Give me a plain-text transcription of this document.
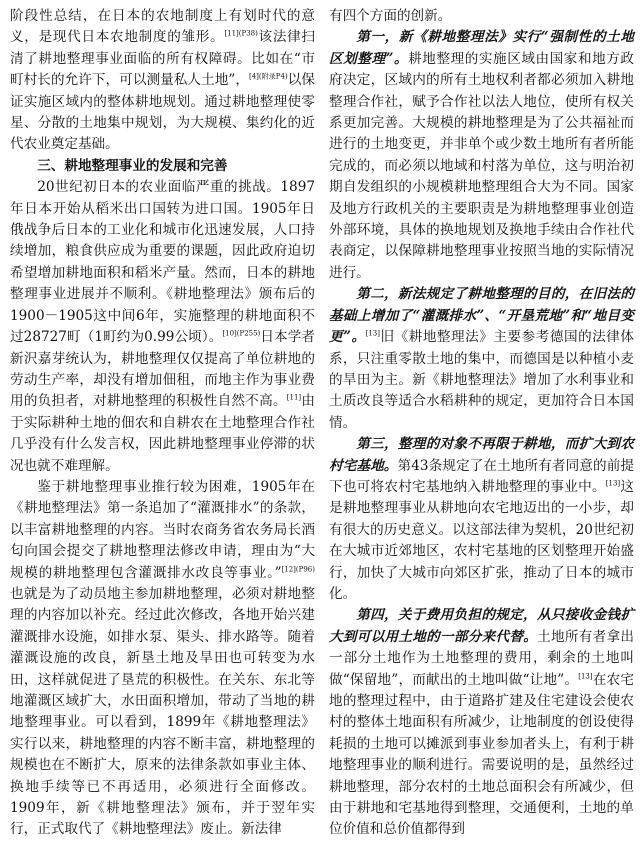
阶段性总结，在日本的农地制度上有划时代的意义，是现代日本农地制度的雏形。$^{[11](P38)}$该法律扫清了耕地整理事业面临的所有权障碍。比如在“市町村长的允许下，可以测量私人土地”，$^{[4](附录P4)}$以保证实施区域内的整体耕地规划。通过耕地整理使零星、分散的土地集中规划，为大规模、集约化的近代农业奠定基础。

三、耕地整理事业的发展和完善

20世纪初日本的农业面临严重的挑战。1897年日本开始从稻米出口国转为进口国。1905年日俄战争后日本的工业化和城市化迅速发展，人口持续增加，粮食供应成为重要的课题，因此政府迫切希望增加耕地面积和稻米产量。然而，日本的耕地整理事业进展并不顺利。《耕地整理法》颁布后的1900－1905这中间6年，实施整理的耕地面积不过28727町（1町约为0.99公顷）。$^{[10](P255)}$日本学者新沢嘉芽统认为，耕地整理仅仅提高了单位耕地的劳动生产率，却没有增加佃租，而地主作为事业费用的负担者，对耕地整理的积极性自然不高。[11]由于实际耕种土地的佃农和自耕农在土地整理合作社几乎没有什么发言权，因此耕地整理事业停滞的状况也就不难理解。

鉴于耕地整理事业推行较为困难，1905年在《耕地整理法》第一条追加了“灌溉排水”的条款，以丰富耕地整理的内容。当时农商务省农务局长酒匂向国会提交了耕地整理法修改申请，理由为“大规模的耕地整理包含灌溉排水改良等事业。”$^{[12](P96)}$也就是为了动员地主参加耕地整理，必须对耕地整理的内容加以补充。经过此次修改，各地开始兴建灌溉排水设施，如排水泵、渠头、排水路等。随着灌溉设施的改良，新垦土地及旱田也可转变为水田，这样就促进了垦荒的积极性。在关东、东北等地灌溉区域扩大，水田面积增加，带动了当地的耕地整理事业。可以看到，1899年《耕地整理法》实行以来，耕地整理的内容不断丰富，耕地整理的规模也在不断扩大，原来的法律条款如事业主体、换地手续等已不再适用，必须进行全面修改。1909年，新《耕地整理法》颁布，并于翌年实行，正式取代了《耕地整理法》废止。新法律

有四个方面的创新。

第一，新《耕地整理法》实行“强制性的土地区划整理”。耕地整理的实施区域由国家和地方政府决定，区域内的所有土地权利者都必须加入耕地整理合作社，赋予合作社以法人地位，使所有权关系更加完善。大规模的耕地整理是为了公共福祉而进行的土地变更，并非单个或少数土地所有者所能完成的，而必须以地域和村落为单位，这与明治初期自发组织的小规模耕地整理组合大为不同。国家及地方行政机关的主要职责是为耕地整理事业创造外部环境，具体的换地规划及换地手续由合作社代表商定，以保障耕地整理事业按照当地的实际情况进行。

第二，新法规定了耕地整理的目的，在旧法的基础上增加了“灌溉排水”、“开垦荒地”和“地目变更”。[13]旧《耕地整理法》主要参考德国的法律体系，只注重零散土地的集中，而德国是以种植小麦的旱田为主。新《耕地整理法》增加了水利事业和土质改良等适合水稻耕种的规定，更加符合日本国情。

第三，整理的对象不再限于耕地，而扩大到农村宅基地。第43条规定了在土地所有者同意的前提下也可将农村宅基地纳入耕地整理的事业中。[13]这是耕地整理事业从耕地向农宅地迈出的一小步，却有很大的历史意义。以这部法律为契机，20世纪初在大城市近郊地区，农村宅基地的区划整理开始盛行，加快了大城市向郊区扩张，推动了日本的城市化。

第四，关于费用负担的规定，从只接收金钱扩大到可以用土地的一部分来代替。土地所有者拿出一部分土地作为土地整理的费用，剩余的土地叫做“保留地”，而献出的土地叫做“让地”。[13]在农宅地的整理过程中，由于道路扩建及住宅建设会使农村的整体土地面积有所减少，让地制度的创设使得耗损的土地可以摊派到事业参加者头上，有利于耕地整理事业的顺利进行。需要说明的是，虽然经过耕地整理，部分农村的土地总面积会有所减少，但由于耕地和宅基地得到整理，交通便利，土地的单位价值和总价值都得到
